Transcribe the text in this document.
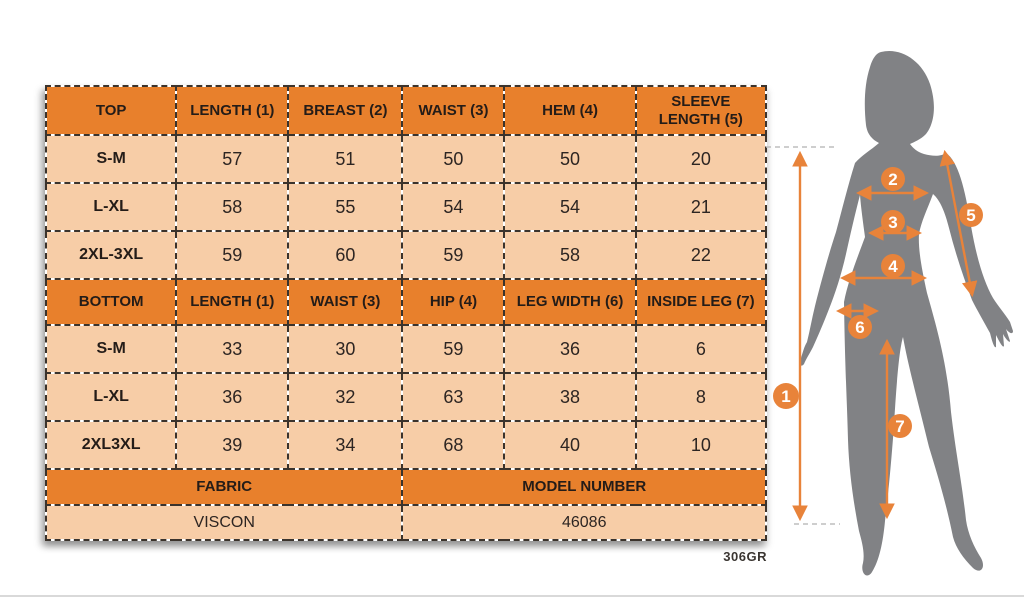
TOP	LENGTH (1)	BREAST (2)	WAIST (3)	HEM (4)	SLEEVE LENGTH (5)
S-M	57	51	50	50	20
L-XL	58	55	54	54	21
2XL-3XL	59	60	59	58	22
BOTTOM	LENGTH (1)	WAIST (3)	HIP (4)	LEG WIDTH (6)	INSIDE LEG (7)
S-M	33	30	59	36	6
L-XL	36	32	63	38	8
2XL3XL	39	34	68	40	10
FABRIC			MODEL NUMBER		
VISCON			46086		
306GR
1
2
3
4
5
6
7
